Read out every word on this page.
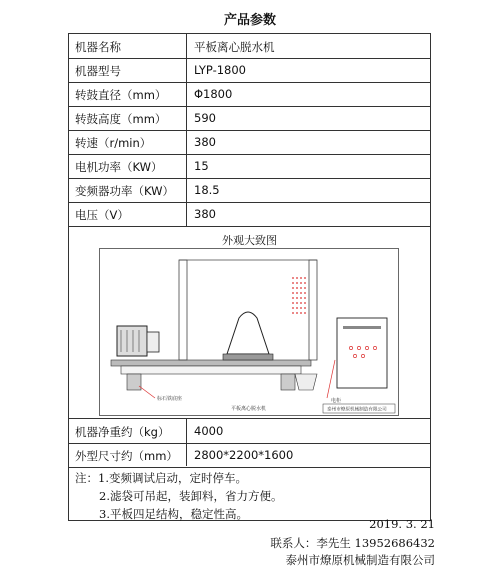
产品参数
机器名称	平板离心脱水机
机器型号	LYP-1800
转鼓直径（mm） Φ1800
转鼓高度（mm） 590
转速（r/min）	380
电机功率（KW）	15
变频器功率（KW） 18.5
电压（V）	380
外观大致图
标石铁底座	电柜
平板离心脱水机	泰州市燎原机械制造有限公司
机器净重约（kg） 4000
外型尺寸约（mm） 2800*2200*1600
注：1.变频调试启动，定时停车。
2.滤袋可吊起，装卸料，省力方便。
3.平板四足结构，稳定性高。
2019. 3. 21
联系人：李先生 13952686432
泰州市燎原机械制造有限公司
